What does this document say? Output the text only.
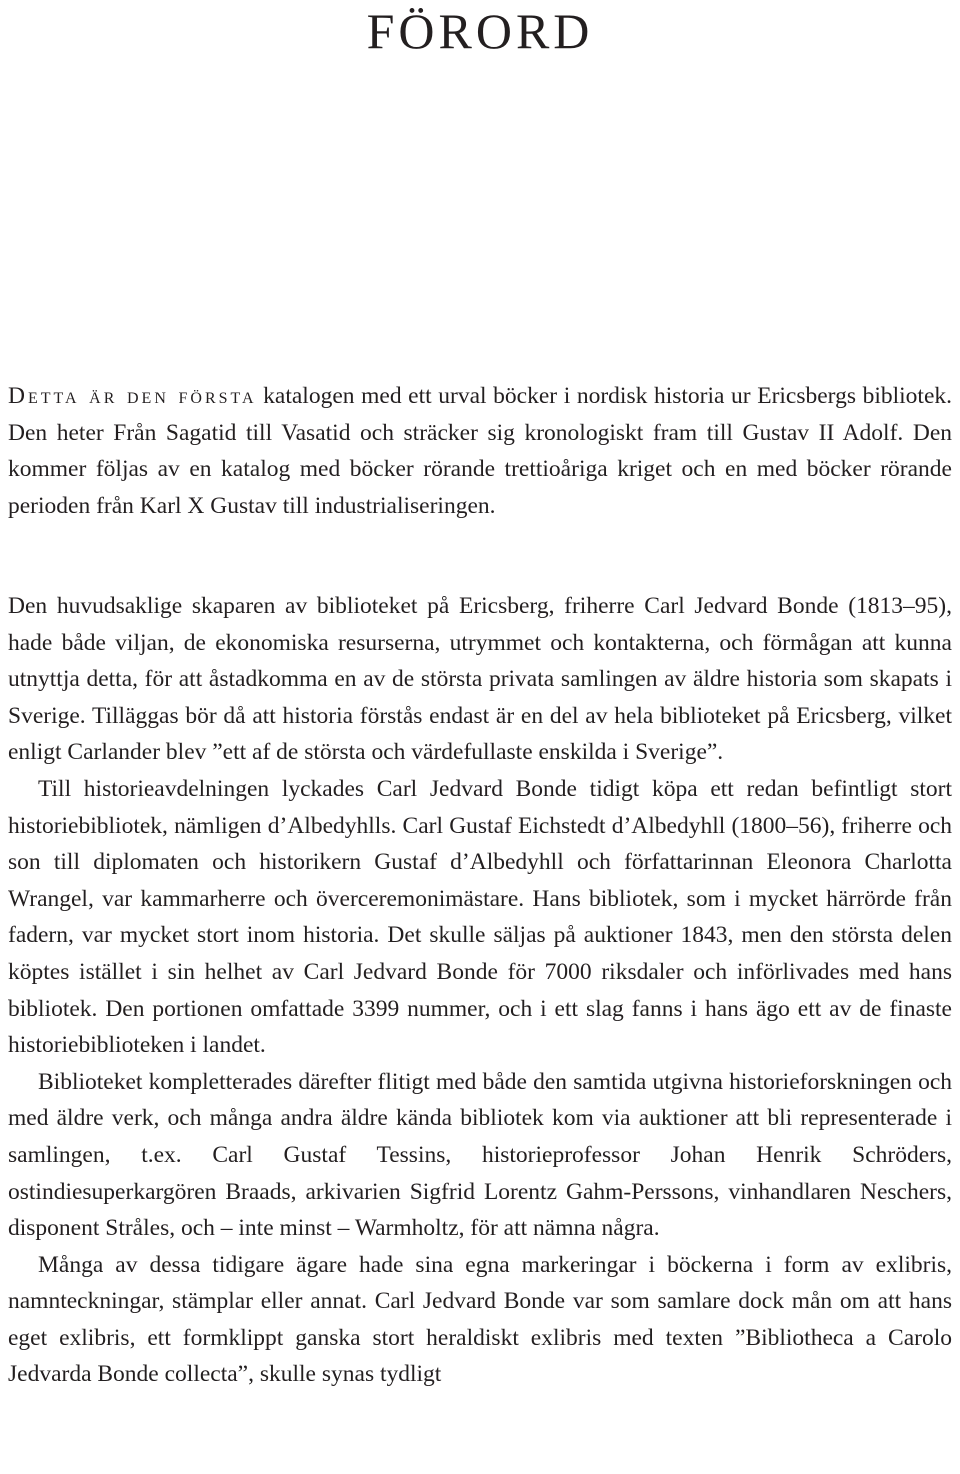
FÖRORD

Detta är den första katalogen med ett urval böcker i nordisk historia ur Ericsbergs bibliotek. Den heter Från Sagatid till Vasatid och sträcker sig kronologiskt fram till Gustav II Adolf. Den kommer följas av en katalog med böcker rörande trettioåriga kriget och en med böcker rörande perioden från Karl X Gustav till industrialiseringen.

Den huvudsaklige skaparen av biblioteket på Ericsberg, friherre Carl Jedvard Bonde (1813–95), hade både viljan, de ekonomiska resurserna, utrymmet och kontakterna, och förmågan att kunna utnyttja detta, för att åstadkomma en av de största privata samlingen av äldre historia som skapats i Sverige. Tilläggas bör då att historia förstås endast är en del av hela biblioteket på Ericsberg, vilket enligt Carlander blev ”ett af de största och värdefullaste enskilda i Sverige”.

Till historieavdelningen lyckades Carl Jedvard Bonde tidigt köpa ett redan befintligt stort historiebibliotek, nämligen d’Albedyhlls. Carl Gustaf Eichstedt d’Albedyhll (1800–56), friherre och son till diplomaten och historikern Gustaf d’Albedyhll och författarinnan Eleonora Charlotta Wrangel, var kammarherre och överceremonimästare. Hans bibliotek, som i mycket härrörde från fadern, var mycket stort inom historia. Det skulle säljas på auktioner 1843, men den största delen köptes istället i sin helhet av Carl Jedvard Bonde för 7000 riksdaler och införlivades med hans bibliotek. Den portionen omfattade 3399 nummer, och i ett slag fanns i hans ägo ett av de finaste historiebiblioteken i landet.

Biblioteket kompletterades därefter flitigt med både den samtida utgivna historieforskningen och med äldre verk, och många andra äldre kända bibliotek kom via auktioner att bli representerade i samlingen, t.ex. Carl Gustaf Tessins, historieprofessor Johan Henrik Schröders, ostindiesuperkargören Braads, arkivarien Sigfrid Lorentz Gahm-Perssons, vinhandlaren Neschers, disponent Stråles, och – inte minst – Warmholtz, för att nämna några.

Många av dessa tidigare ägare hade sina egna markeringar i böckerna i form av exlibris, namnteckningar, stämplar eller annat. Carl Jedvard Bonde var som samlare dock mån om att hans eget exlibris, ett formklippt ganska stort heraldiskt exlibris med texten ”Bibliotheca a Carolo Jedvarda Bonde collecta”, skulle synas tydligt
